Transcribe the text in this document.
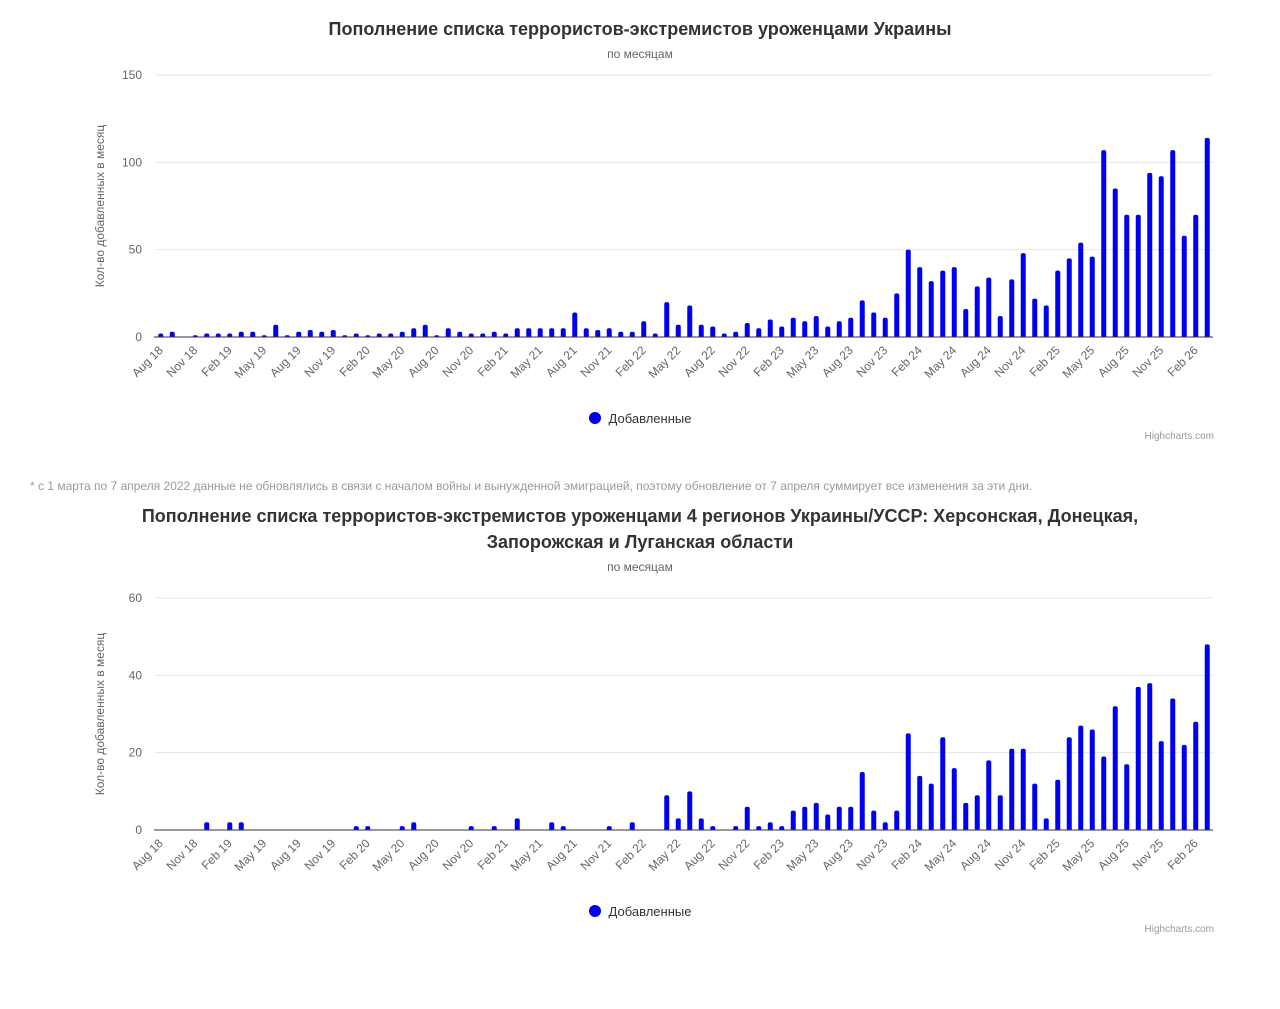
Пополнение списка террористов-экстремистов уроженцами Украины
по месяцам
0
50
100
150
Кол-во добавленных в месяц
Aug 18
Nov 18
Feb 19
May 19
Aug 19
Nov 19
Feb 20
May 20
Aug 20
Nov 20
Feb 21
May 21
Aug 21
Nov 21
Feb 22
May 22
Aug 22
Nov 22
Feb 23
May 23
Aug 23
Nov 23
Feb 24
May 24
Aug 24
Nov 24
Feb 25
May 25
Aug 25
Nov 25
Feb 26
Добавленные
Highcharts.com

* с 1 марта по 7 апреля 2022 данные не обновлялись в связи с началом войны и вынужденной эмиграцией, поэтому обновление от 7 апреля суммирует все изменения за эти дни.

Пополнение списка террористов-экстремистов уроженцами 4 регионов Украины/УССР: Херсонская, Донецкая, Запорожская и Луганская области
по месяцам
0
20
40
60
Кол-во добавленных в месяц
Aug 18
Nov 18
Feb 19
May 19
Aug 19
Nov 19
Feb 20
May 20
Aug 20
Nov 20
Feb 21
May 21
Aug 21
Nov 21
Feb 22
May 22
Aug 22
Nov 22
Feb 23
May 23
Aug 23
Nov 23
Feb 24
May 24
Aug 24
Nov 24
Feb 25
May 25
Aug 25
Nov 25
Feb 26
Добавленные
Highcharts.com
